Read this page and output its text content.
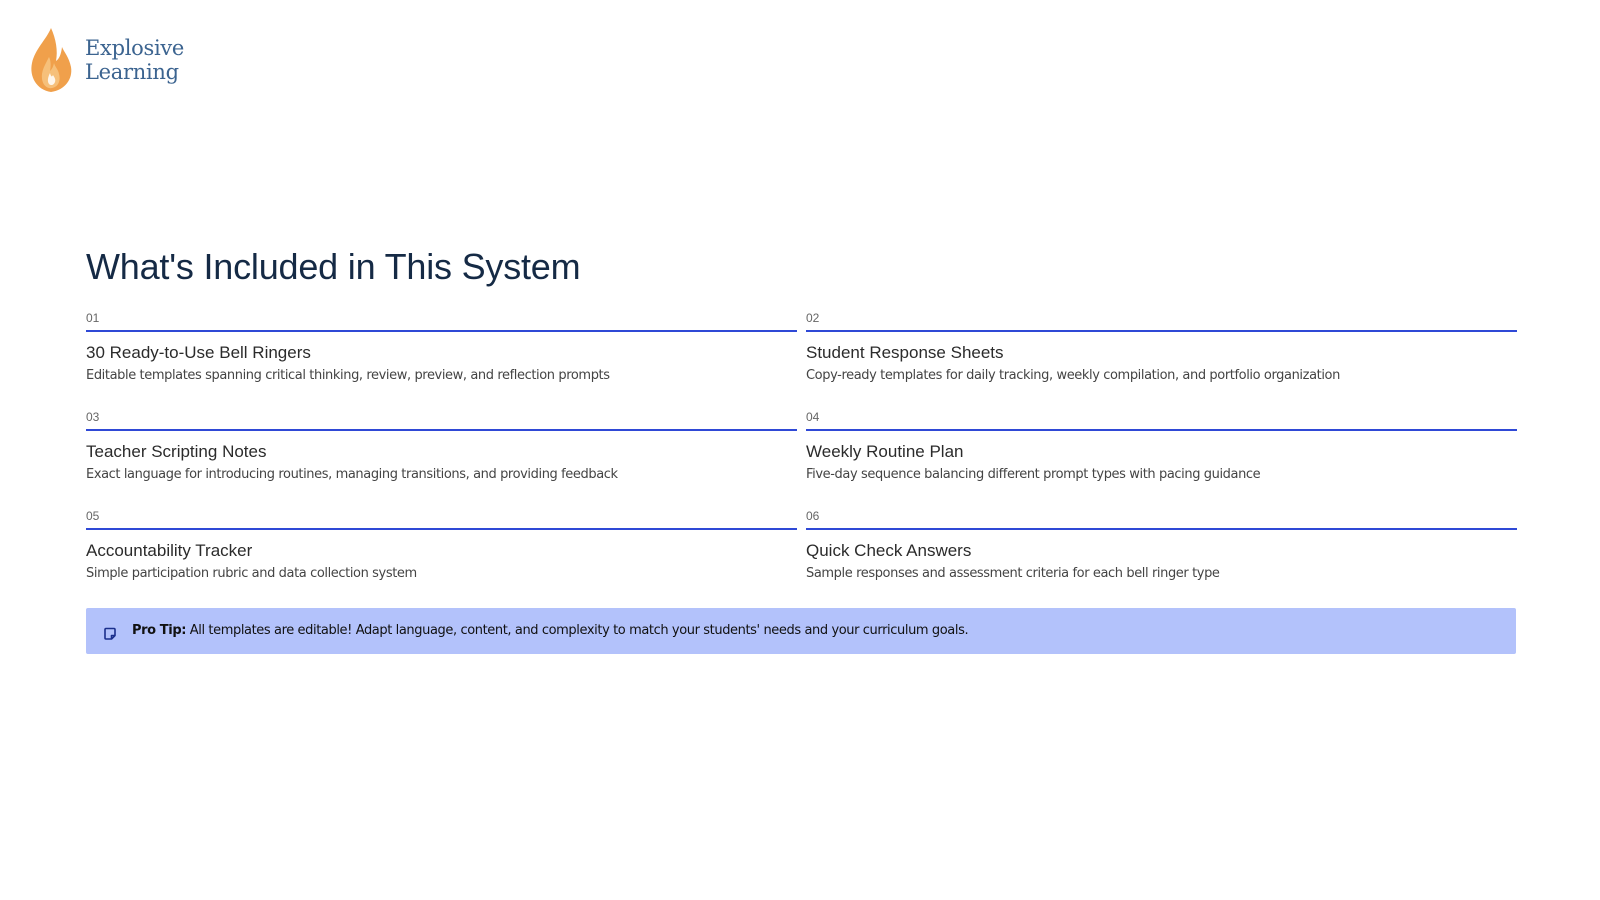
Explosive
Learning
What's Included in This System
01
30 Ready-to-Use Bell Ringers
Editable templates spanning critical thinking, review, preview, and reflection prompts
02
Student Response Sheets
Copy-ready templates for daily tracking, weekly compilation, and portfolio organization
03
Teacher Scripting Notes
Exact language for introducing routines, managing transitions, and providing feedback
04
Weekly Routine Plan
Five-day sequence balancing different prompt types with pacing guidance
05
Accountability Tracker
Simple participation rubric and data collection system
06
Quick Check Answers
Sample responses and assessment criteria for each bell ringer type
Pro Tip: All templates are editable! Adapt language, content, and complexity to match your students' needs and your curriculum goals.
